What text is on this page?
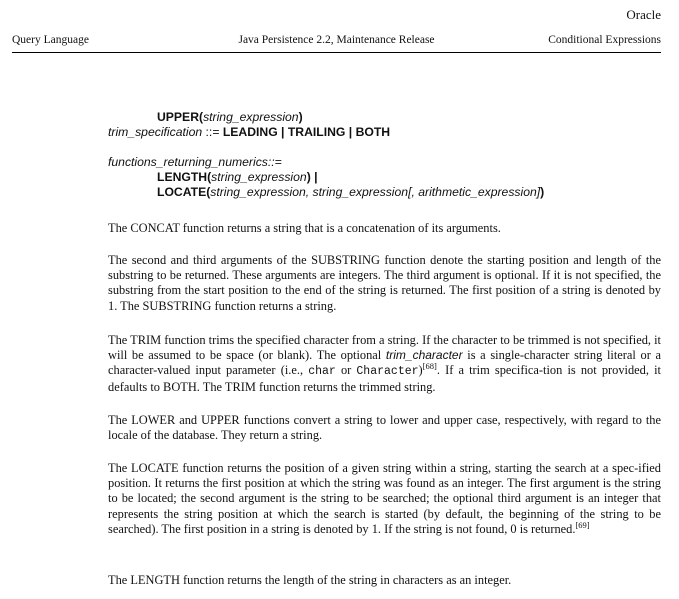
Oracle
Query Language	Java Persistence 2.2, Maintenance Release	Conditional Expressions
UPPER(string_expression)
trim_specification ::= LEADING | TRAILING | BOTH
functions_returning_numerics::=
LENGTH(string_expression) |
LOCATE(string_expression, string_expression[, arithmetic_expression])

The CONCAT function returns a string that is a concatenation of its arguments.

The second and third arguments of the SUBSTRING function denote the starting position and length of the substring to be returned. These arguments are integers. The third argument is optional. If it is not specified, the substring from the start position to the end of the string is returned. The first position of a string is denoted by 1. The SUBSTRING function returns a string.

The TRIM function trims the specified character from a string. If the character to be trimmed is not specified, it will be assumed to be space (or blank). The optional trim_character is a single-character string literal or a character-valued input parameter (i.e., char or Character)[68]. If a trim specifica-tion is not provided, it defaults to BOTH. The TRIM function returns the trimmed string.

The LOWER and UPPER functions convert a string to lower and upper case, respectively, with regard to the locale of the database. They return a string.

The LOCATE function returns the position of a given string within a string, starting the search at a spec-ified position. It returns the first position at which the string was found as an integer. The first argument is the string to be located; the second argument is the string to be searched; the optional third argument is an integer that represents the string position at which the search is started (by default, the beginning of the string to be searched). The first position in a string is denoted by 1. If the string is not found, 0 is returned.[69]

The LENGTH function returns the length of the string in characters as an integer.
